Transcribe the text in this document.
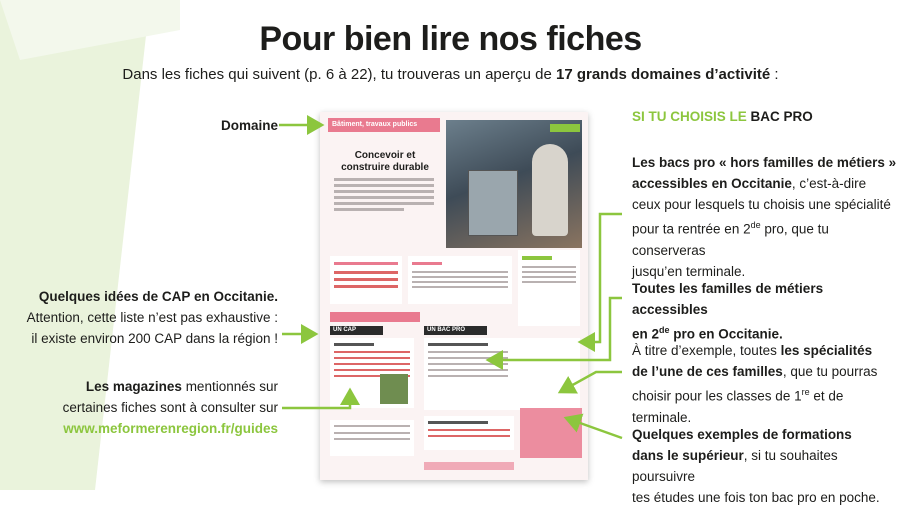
Pour bien lire nos fiches
Dans les fiches qui suivent (p. 6 à 22), tu trouveras un aperçu de 17 grands domaines d’activité :
Bâtiment, travaux publics
Concevoir et construire durable
UN CAP	UN BAC PRO
Domaine
Quelques idées de CAP en Occitanie.
Attention, cette liste n’est pas exhaustive :
il existe environ 200 CAP dans la région !
Les magazines mentionnés sur
certaines fiches sont à consulter sur
www.meformerenregion.fr/guides
SI TU CHOISIS LE BAC PRO
Les bacs pro « hors familles de métiers »
accessibles en Occitanie, c’est-à-dire
ceux pour lesquels tu choisis une spécialité
pour ta rentrée en 2de pro, que tu conserveras
jusqu’en terminale.
Toutes les familles de métiers accessibles
en 2de pro en Occitanie.
À titre d’exemple, toutes les spécialités
de l’une de ces familles, que tu pourras
choisir pour les classes de 1re et de terminale.
Quelques exemples de formations
dans le supérieur, si tu souhaites poursuivre
tes études une fois ton bac pro en poche.
